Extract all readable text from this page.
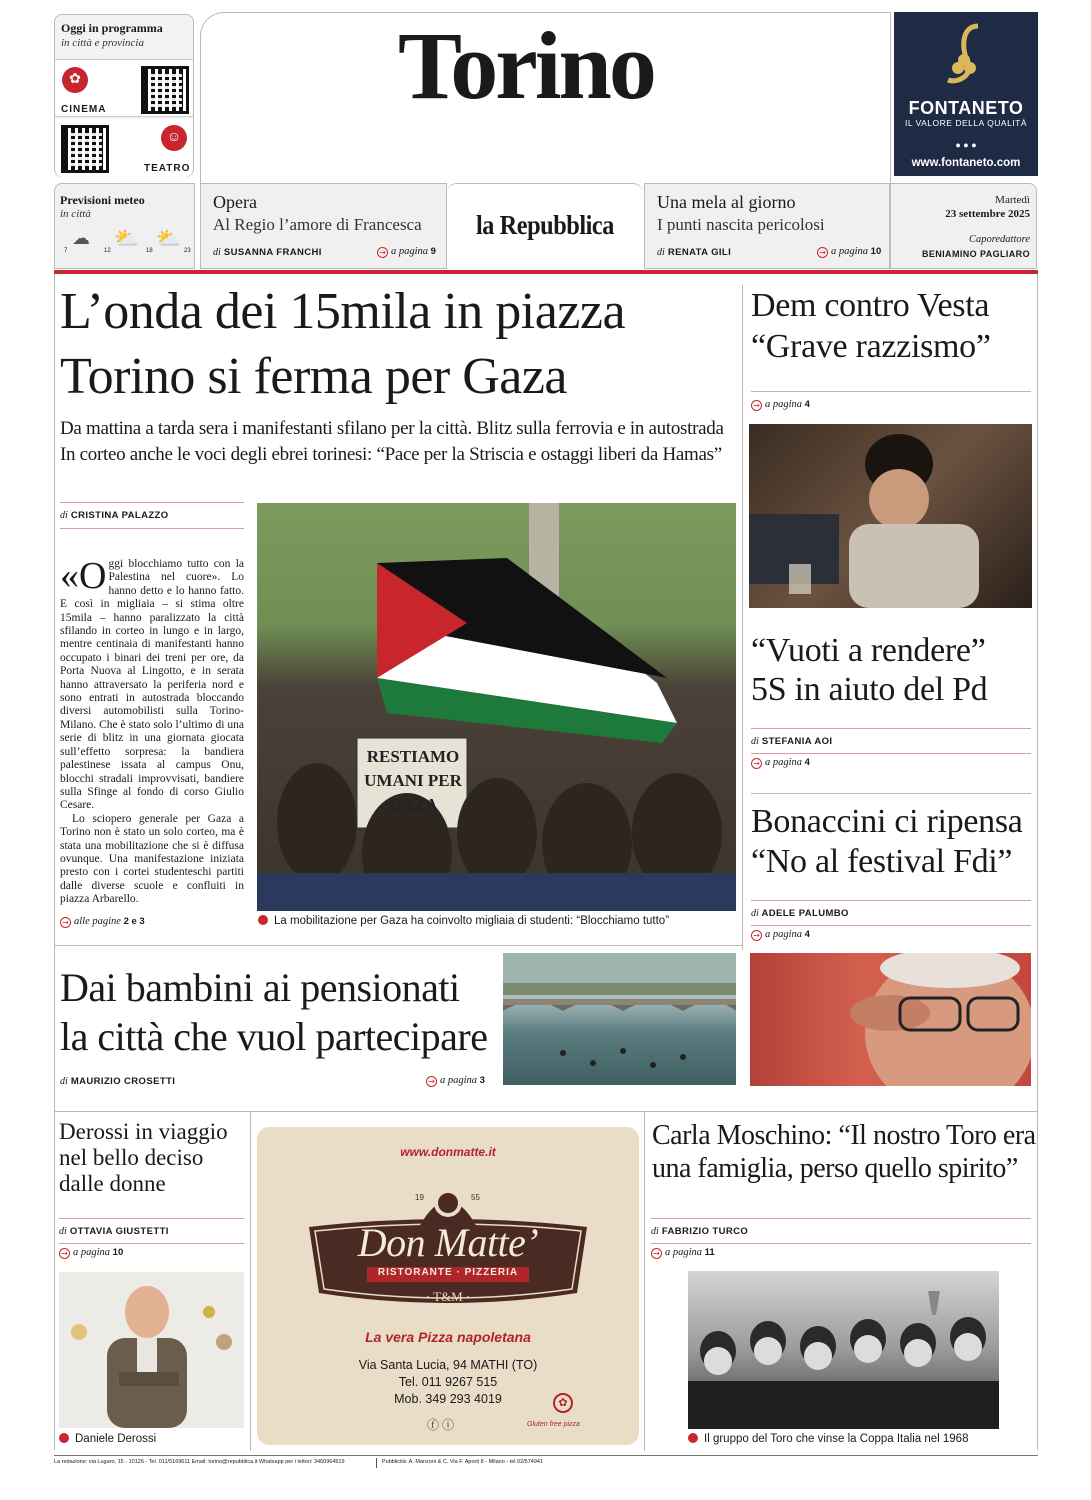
Oggi in programma
in città e provincia
✿
CINEMA
☺
TEATRO
Torino	FONTANETO
IL VALORE DELLA QUALITÀ
● ● ●
www.fontaneto.com
Previsioni meteo
in città
☁ ⛅ ⛅
7	12	18	23
Opera
Al Regio l’amore di Francesca
di SUSANNA FRANCHI	→ a pagina 9
la Repubblica
Una mela al giorno
I punti nascita pericolosi
di RENATA GILI	→ a pagina 10
Martedì
23 settembre 2025
Caporedattore
BENIAMINO PAGLIARO
L’onda dei 15mila in piazza
Torino si ferma per Gaza
Da mattina a tarda sera i manifestanti sfilano per la città. Blitz sulla ferrovia e in autostrada
In corteo anche le voci degli ebrei torinesi: “Pace per la Striscia e ostaggi liberi da Hamas”
di CRISTINA PALAZZO
«Oggi blocchiamo tutto con la Palestina nel cuore». Lo hanno detto e lo hanno fatto. E così in migliaia – si stima oltre 15mila – hanno paralizzato la città sfilando in corteo in lungo e in largo, mentre centinaia di manifestanti hanno occupato i binari dei treni per ore, da Porta Nuova al Lingotto, e in serata hanno attraversato la periferia nord e sono entrati in autostrada bloccando diversi automobilisti sulla Torino-Milano. Che è stato solo l’ultimo di una serie di blitz in una giornata giocata sull’effetto sorpresa: la bandiera palestinese issata al campus Onu, blocchi stradali improvvisati, bandiere sulla Sfinge al fondo di corso Giulio Cesare.
Lo sciopero generale per Gaza a Torino non è stato un solo corteo, ma è stata una mobilitazione che si è diffusa ovunque. Una manifestazione iniziata presto con i cortei studenteschi partiti dalle diverse scuole e confluiti in piazza Arbarello.
→ alle pagine 2 e 3
RESTIAMO UMANI PER GAZA
La mobilitazione per Gaza ha coinvolto migliaia di studenti: “Blocchiamo tutto”
Dem contro Vesta
“Grave razzismo”
→ a pagina 4
“Vuoti a rendere”
5S in aiuto del Pd
di STEFANIA AOI
→ a pagina 4
Bonaccini ci ripensa
“No al festival Fdi”
di ADELE PALUMBO
→ a pagina 4
Dai bambini ai pensionati
la città che vuol partecipare
di MAURIZIO CROSETTI	→ a pagina 3
Derossi in viaggio
nel bello deciso
dalle donne
di OTTAVIA GIUSTETTI
→ a pagina 10
Daniele Derossi
www.donmatte.it
19	55
Don Matte’
RISTORANTE · PIZZERIA
· T&M ·
La vera Pizza napoletana
Via Santa Lucia, 94 MATHI (TO)
Tel. 011 9267 515
Mob. 349 293 4019
ⓕ ⓘ
✿
Gluten free pizza
Carla Moschino: “Il nostro Toro era
una famiglia, perso quello spirito”
di FABRIZIO TURCO
→ a pagina 11
Il gruppo del Toro che vinse la Coppa Italia nel 1968
La redazione: via Lugaro, 15 - 10126 - Tel. 011/5169611 Email: torino@repubblica.it Whatsapp per i lettori: 3460964519	Pubblicità: A. Manzoni & C. Via F. Aporti 8 - Milano - tel 02/574941
